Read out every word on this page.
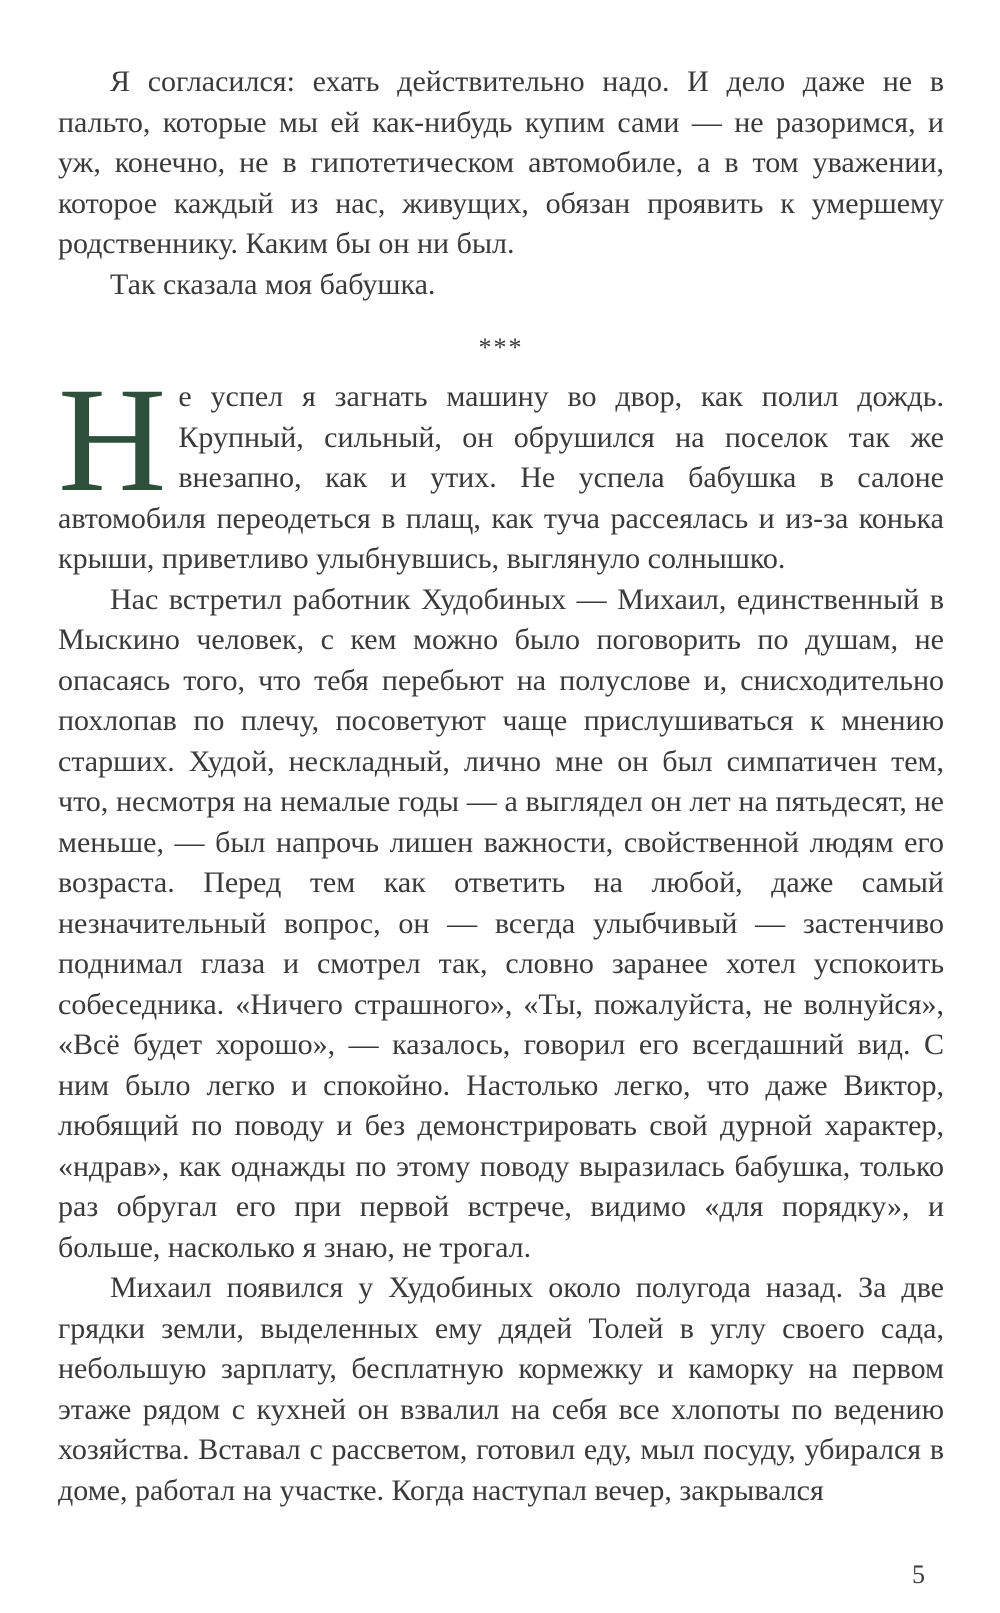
Я согласился: ехать действительно надо. И дело даже не в пальто, которые мы ей как-нибудь купим сами — не разоримся, и уж, конечно, не в гипотетическом автомобиле, а в том уважении, которое каждый из нас, живущих, обязан проявить к умершему родственнику. Каким бы он ни был.

Так сказала моя бабушка.

***

Не успел я загнать машину во двор, как полил дождь. Крупный, сильный, он обрушился на поселок так же внезапно, как и утих. Не успела бабушка в салоне автомобиля переодеться в плащ, как туча рассеялась и из-за конька крыши, приветливо улыбнувшись, выглянуло солнышко.

Нас встретил работник Худобиных — Михаил, единственный в Мыскино человек, с кем можно было поговорить по душам, не опасаясь того, что тебя перебьют на полуслове и, снисходительно похлопав по плечу, посоветуют чаще прислушиваться к мнению старших. Худой, нескладный, лично мне он был симпатичен тем, что, несмотря на немалые годы — а выглядел он лет на пятьдесят, не меньше, — был напрочь лишен важности, свойственной людям его возраста. Перед тем как ответить на любой, даже самый незначительный вопрос, он — всегда улыбчивый — застенчиво поднимал глаза и смотрел так, словно заранее хотел успокоить собеседника. «Ничего страшного», «Ты, пожалуйста, не волнуйся», «Всё будет хорошо», — казалось, говорил его всегдашний вид. С ним было легко и спокойно. Настолько легко, что даже Виктор, любящий по поводу и без демонстрировать свой дурной характер, «ндрав», как однажды по этому поводу выразилась бабушка, только раз обругал его при первой встрече, видимо «для порядку», и больше, насколько я знаю, не трогал.

Михаил появился у Худобиных около полугода назад. За две грядки земли, выделенных ему дядей Толей в углу своего сада, небольшую зарплату, бесплатную кормежку и каморку на первом этаже рядом с кухней он взвалил на себя все хлопоты по ведению хозяйства. Вставал с рассветом, готовил еду, мыл посуду, убирался в доме, работал на участке. Когда наступал вечер, закрывался

5
